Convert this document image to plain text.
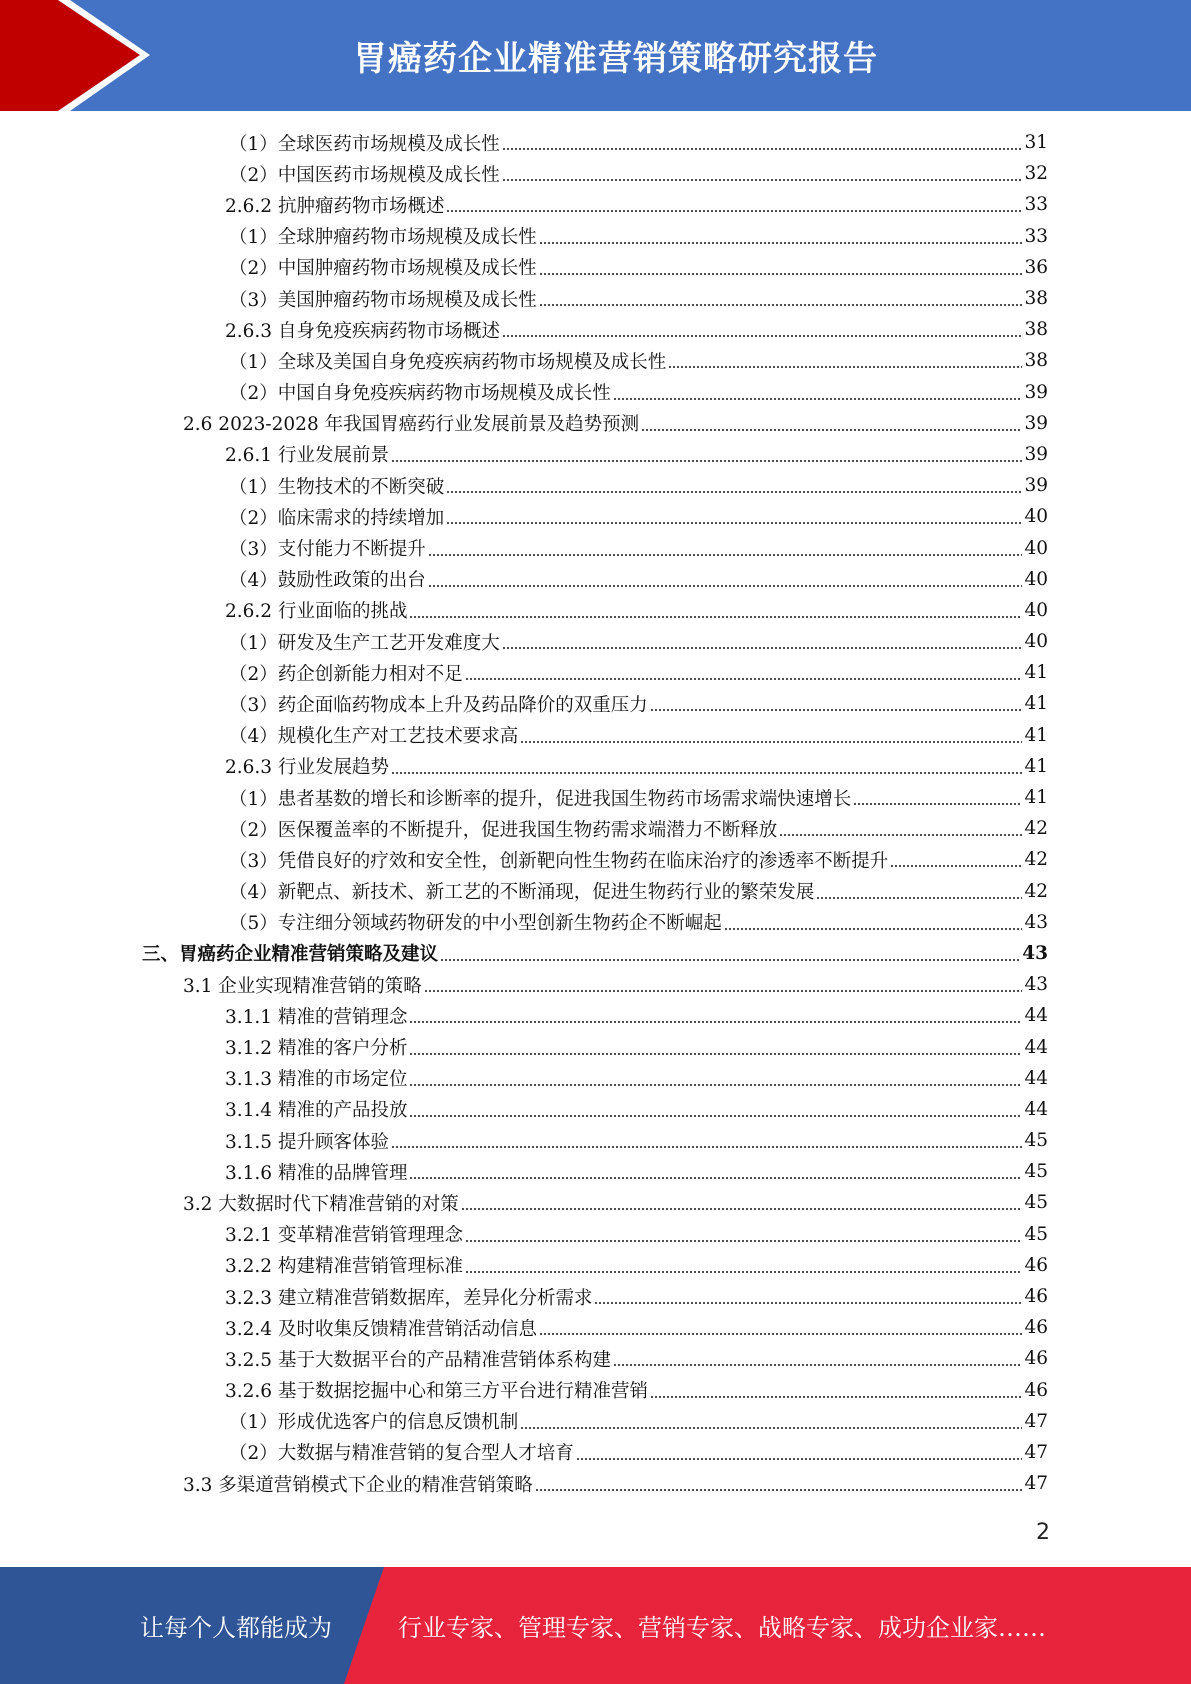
胃癌药企业精准营销策略研究报告
（1）全球医药市场规模及成长性	31
（2）中国医药市场规模及成长性	32
2.6.2 抗肿瘤药物市场概述	33
（1）全球肿瘤药物市场规模及成长性	33
（2）中国肿瘤药物市场规模及成长性	36
（3）美国肿瘤药物市场规模及成长性	38
2.6.3 自身免疫疾病药物市场概述	38
（1）全球及美国自身免疫疾病药物市场规模及成长性	38
（2）中国自身免疫疾病药物市场规模及成长性	39
2.6 2023-2028 年我国胃癌药行业发展前景及趋势预测	39
2.6.1 行业发展前景	39
（1）生物技术的不断突破	39
（2）临床需求的持续增加	40
（3）支付能力不断提升	40
（4）鼓励性政策的出台	40
2.6.2 行业面临的挑战	40
（1）研发及生产工艺开发难度大	40
（2）药企创新能力相对不足	41
（3）药企面临药物成本上升及药品降价的双重压力	41
（4）规模化生产对工艺技术要求高	41
2.6.3 行业发展趋势	41
（1）患者基数的增长和诊断率的提升，促进我国生物药市场需求端快速增长	41
（2）医保覆盖率的不断提升，促进我国生物药需求端潜力不断释放	42
（3）凭借良好的疗效和安全性，创新靶向性生物药在临床治疗的渗透率不断提升	42
（4）新靶点、新技术、新工艺的不断涌现，促进生物药行业的繁荣发展	42
（5）专注细分领域药物研发的中小型创新生物药企不断崛起	43
三、胃癌药企业精准营销策略及建议	43
3.1 企业实现精准营销的策略	43
3.1.1 精准的营销理念	44
3.1.2 精准的客户分析	44
3.1.3 精准的市场定位	44
3.1.4 精准的产品投放	44
3.1.5 提升顾客体验	45
3.1.6 精准的品牌管理	45
3.2 大数据时代下精准营销的对策	45
3.2.1 变革精准营销管理理念	45
3.2.2 构建精准营销管理标准	46
3.2.3 建立精准营销数据库，差异化分析需求	46
3.2.4 及时收集反馈精准营销活动信息	46
3.2.5 基于大数据平台的产品精准营销体系构建	46
3.2.6 基于数据挖掘中心和第三方平台进行精准营销	46
（1）形成优选客户的信息反馈机制	47
（2）大数据与精准营销的复合型人才培育	47
3.3 多渠道营销模式下企业的精准营销策略	47
2
让每个人都能成为	行业专家、管理专家、营销专家、战略专家、成功企业家……
